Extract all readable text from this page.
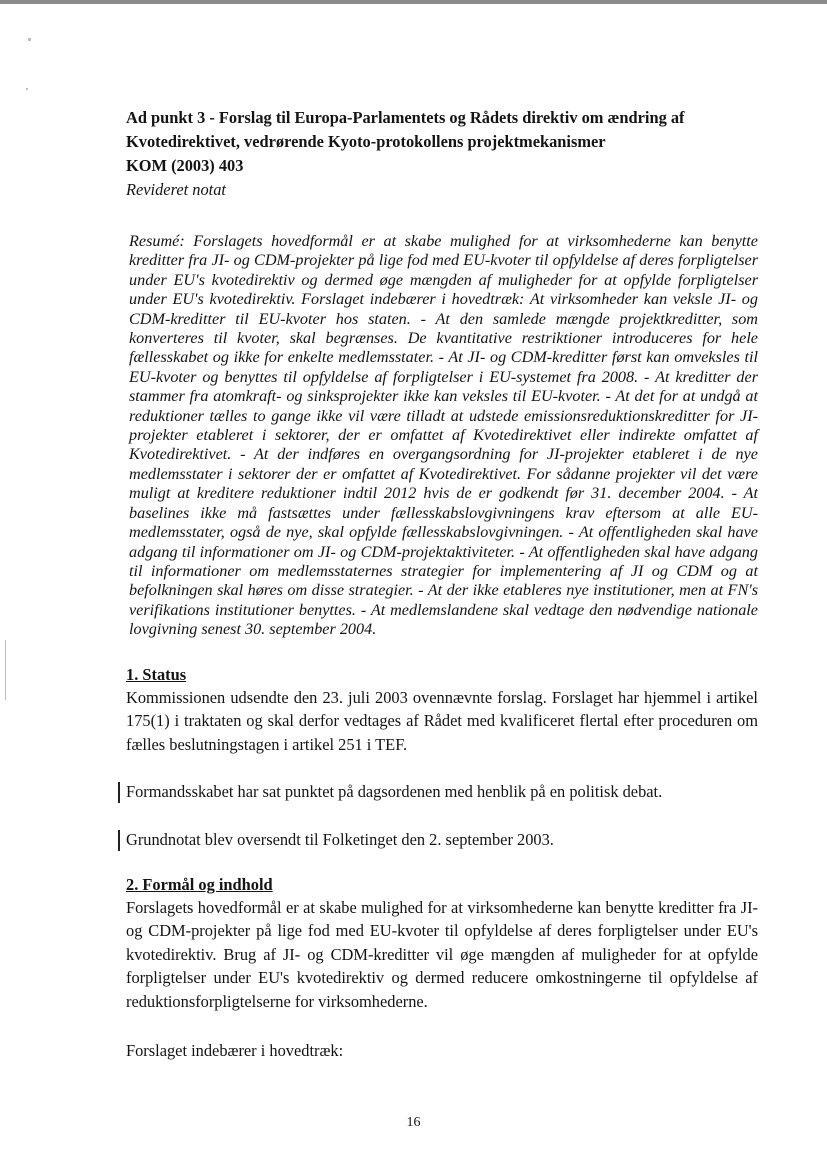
Ad punkt 3 - Forslag til Europa-Parlamentets og Rådets direktiv om ændring af
Kvotedirektivet, vedrørende Kyoto-protokollens projektmekanismer
KOM (2003) 403

Revideret notat

Resumé: Forslagets hovedformål er at skabe mulighed for at virksomhederne kan benytte kreditter fra JI- og CDM-projekter på lige fod med EU-kvoter til opfyldelse af deres forpligtelser under EU's kvotedirektiv og dermed øge mængden af muligheder for at opfylde forpligtelser under EU's kvotedirektiv. Forslaget indebærer i hovedtræk: At virksomheder kan veksle JI- og CDM-kreditter til EU-kvoter hos staten. - At den samlede mængde projektkreditter, som konverteres til kvoter, skal begrænses. De kvantitative restriktioner introduceres for hele fællesskabet og ikke for enkelte medlemsstater. - At JI- og CDM-kreditter først kan omveksles til EU-kvoter og benyttes til opfyldelse af forpligtelser i EU-systemet fra 2008. - At kreditter der stammer fra atomkraft- og sinksprojekter ikke kan veksles til EU-kvoter. - At det for at undgå at reduktioner tælles to gange ikke vil være tilladt at udstede emissionsreduktionskreditter for JI-projekter etableret i sektorer, der er omfattet af Kvotedirektivet eller indirekte omfattet af Kvotedirektivet. - At der indføres en overgangsordning for JI-projekter etableret i de nye medlemsstater i sektorer der er omfattet af Kvotedirektivet. For sådanne projekter vil det være muligt at kreditere reduktioner indtil 2012 hvis de er godkendt før 31. december 2004. - At baselines ikke må fastsættes under fællesskabslovgivningens krav eftersom at alle EU-medlemsstater, også de nye, skal opfylde fællesskabslovgivningen. - At offentligheden skal have adgang til informationer om JI- og CDM-projektaktiviteter. - At offentligheden skal have adgang til informationer om medlemsstaternes strategier for implementering af JI og CDM og at befolkningen skal høres om disse strategier. - At der ikke etableres nye institutioner, men at FN's verifikations institutioner benyttes. - At medlemslandene skal vedtage den nødvendige nationale lovgivning senest 30. september 2004.

1. Status

Kommissionen udsendte den 23. juli 2003 ovennævnte forslag. Forslaget har hjemmel i artikel 175(1) i traktaten og skal derfor vedtages af Rådet med kvalificeret flertal efter proceduren om fælles beslutningstagen i artikel 251 i TEF.

Formandsskabet har sat punktet på dagsordenen med henblik på en politisk debat.

Grundnotat blev oversendt til Folketinget den 2. september 2003.

2. Formål og indhold

Forslagets hovedformål er at skabe mulighed for at virksomhederne kan benytte kreditter fra JI- og CDM-projekter på lige fod med EU-kvoter til opfyldelse af deres forpligtelser under EU's kvotedirektiv. Brug af JI- og CDM-kreditter vil øge mængden af muligheder for at opfylde forpligtelser under EU's kvotedirektiv og dermed reducere omkostningerne til opfyldelse af reduktionsforpligtelserne for virksomhederne.

Forslaget indebærer i hovedtræk:

16
